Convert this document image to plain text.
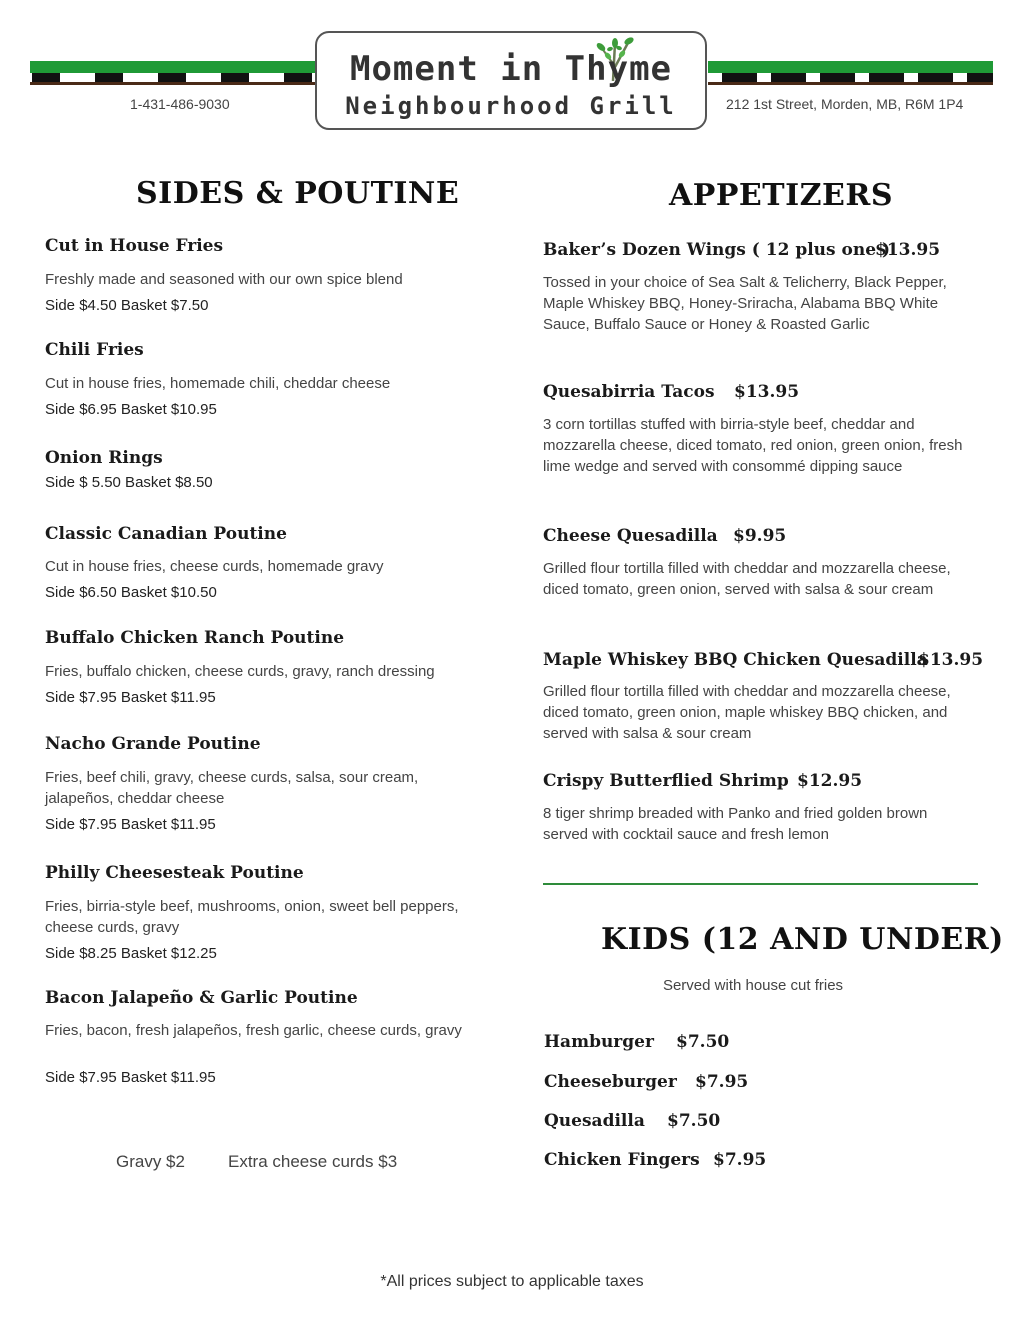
Moment in Thyme
Neighbourhood Grill
1-431-486-9030	212 1st Street, Morden, MB, R6M 1P4
SIDES & POUTINE
Cut in House Fries
Freshly made and seasoned with our own spice blend
Side $4.50 Basket $7.50
Chili Fries
Cut in house fries, homemade chili, cheddar cheese
Side $6.95 Basket $10.95
Onion Rings
Side $ 5.50 Basket $8.50
Classic Canadian Poutine
Cut in house fries, cheese curds, homemade gravy
Side $6.50 Basket $10.50
Buffalo Chicken Ranch Poutine
Fries, buffalo chicken, cheese curds, gravy, ranch dressing
Side $7.95 Basket $11.95
Nacho Grande Poutine
Fries, beef chili, gravy, cheese curds, salsa, sour cream, jalapeños, cheddar cheese
Side $7.95 Basket $11.95
Philly Cheesesteak Poutine
Fries, birria-style beef, mushrooms, onion, sweet bell peppers, cheese curds, gravy
Side $8.25 Basket $12.25
Bacon Jalapeño & Garlic Poutine
Fries, bacon, fresh jalapeños, fresh garlic, cheese curds, gravy
Side $7.95 Basket $11.95
Gravy $2	Extra cheese curds $3
APPETIZERS
Baker’s Dozen Wings ( 12 plus one )
$13.95
Tossed in your choice of Sea Salt & Telicherry, Black Pepper, Maple Whiskey BBQ, Honey-Sriracha, Alabama BBQ White Sauce, Buffalo Sauce or Honey & Roasted Garlic
Quesabirria Tacos $13.95
3 corn tortillas stuffed with birria-style beef, cheddar and mozzarella cheese, diced tomato, red onion, green onion, fresh lime wedge and served with consommé dipping sauce
Cheese Quesadilla $9.95
Grilled flour tortilla filled with cheddar and mozzarella cheese, diced tomato, green onion, served with salsa & sour cream
Maple Whiskey BBQ Chicken Quesadilla
$13.95
Grilled flour tortilla filled with cheddar and mozzarella cheese, diced tomato, green onion, maple whiskey BBQ chicken, and served with salsa & sour cream
Crispy Butterflied Shrimp $12.95
8 tiger shrimp breaded with Panko and fried golden brown served with cocktail sauce and fresh lemon
KIDS (12 AND UNDER)
Served with house cut fries
Hamburger $7.50
Cheeseburger $7.95
Quesadilla $7.50
Chicken Fingers $7.95
*All prices subject to applicable taxes
